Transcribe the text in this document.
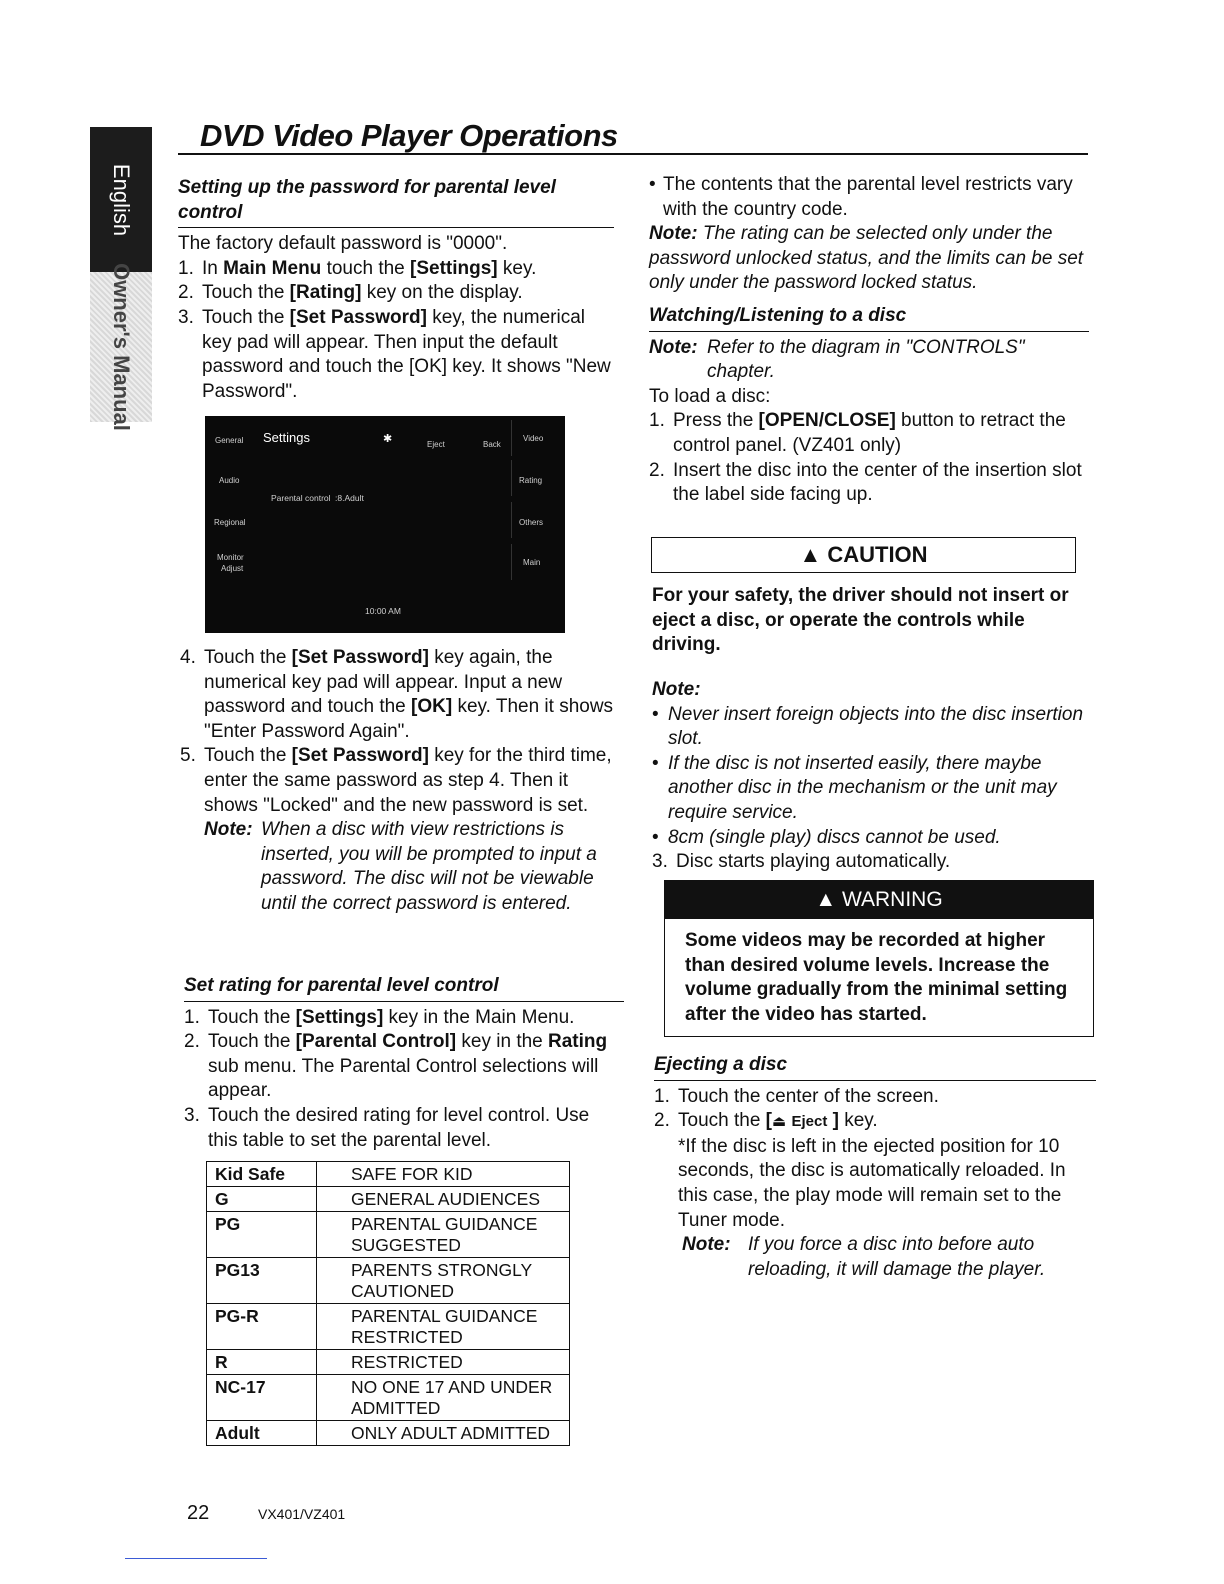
English
Owner's Manual
DVD Video Player Operations
Setting up the password for parental level
control

The factory default password is "0000".

1. In Main Menu touch the [Settings] key.
2. Touch the [Rating] key on the display.
3. Touch the [Set Password] key, the numerical key pad will appear. Then input the default password and touch the [OK] key. It shows "New Password".
General Settings	✱	Eject	Back
Video
Audio	Rating
Parental control :8.Adult
Regional	Others
Monitor
Adjust
Main
10:00 AM
4. Touch the [Set Password] key again, the numerical key pad will appear. Input a new password and touch the [OK] key. Then it shows "Enter Password Again".
5. Touch the [Set Password] key for the third time, enter the same password as step 4. Then it shows "Locked" and the new password is set.
Note: When a disc with view restrictions is inserted, you will be prompted to input a password. The disc will not be viewable until the correct password is entered.
Set rating for parental level control
1. Touch the [Settings] key in the Main Menu.
2. Touch the [Parental Control] key in the Rating sub menu. The Parental Control selections will appear.
3. Touch the desired rating for level control. Use this table to set the parental level.
Kid Safe	SAFE FOR KID
G	GENERAL AUDIENCES
PG	PARENTAL GUIDANCE SUGGESTED
PG13	PARENTS STRONGLY CAUTIONED
PG-R	PARENTAL GUIDANCE RESTRICTED
R	RESTRICTED
NC-17	NO ONE 17 AND UNDER ADMITTED
Adult	ONLY ADULT ADMITTED
• The contents that the parental level restricts vary with the country code.

Note: The rating can be selected only under the password unlocked status, and the limits can be set only under the password locked status.

Watching/Listening to a disc
Note: Refer to the diagram in "CONTROLS" chapter.

To load a disc:

1. Press the [OPEN/CLOSE] button to retract the control panel. (VZ401 only)
2. Insert the disc into the center of the insertion slot the label side facing up.
▲ CAUTION
For your safety, the driver should not insert or eject a disc, or operate the controls while driving.

Note:

• Never insert foreign objects into the disc insertion slot.
• If the disc is not inserted easily, there maybe another disc in the mechanism or the unit may require service.
• 8cm (single play) discs cannot be used.
3. Disc starts playing automatically.
▲ WARNING
Some videos may be recorded at higher than desired volume levels. Increase the volume gradually from the minimal setting after the video has started.
Ejecting a disc
1. Touch the center of the screen.
2. Touch the [⏏ Eject ] key.

*If the disc is left in the ejected position for 10 seconds, the disc is automatically reloaded. In this case, the play mode will remain set to the Tuner mode.

Note: If you force a disc into before auto reloading, it will damage the player.
22	VX401/VZ401
